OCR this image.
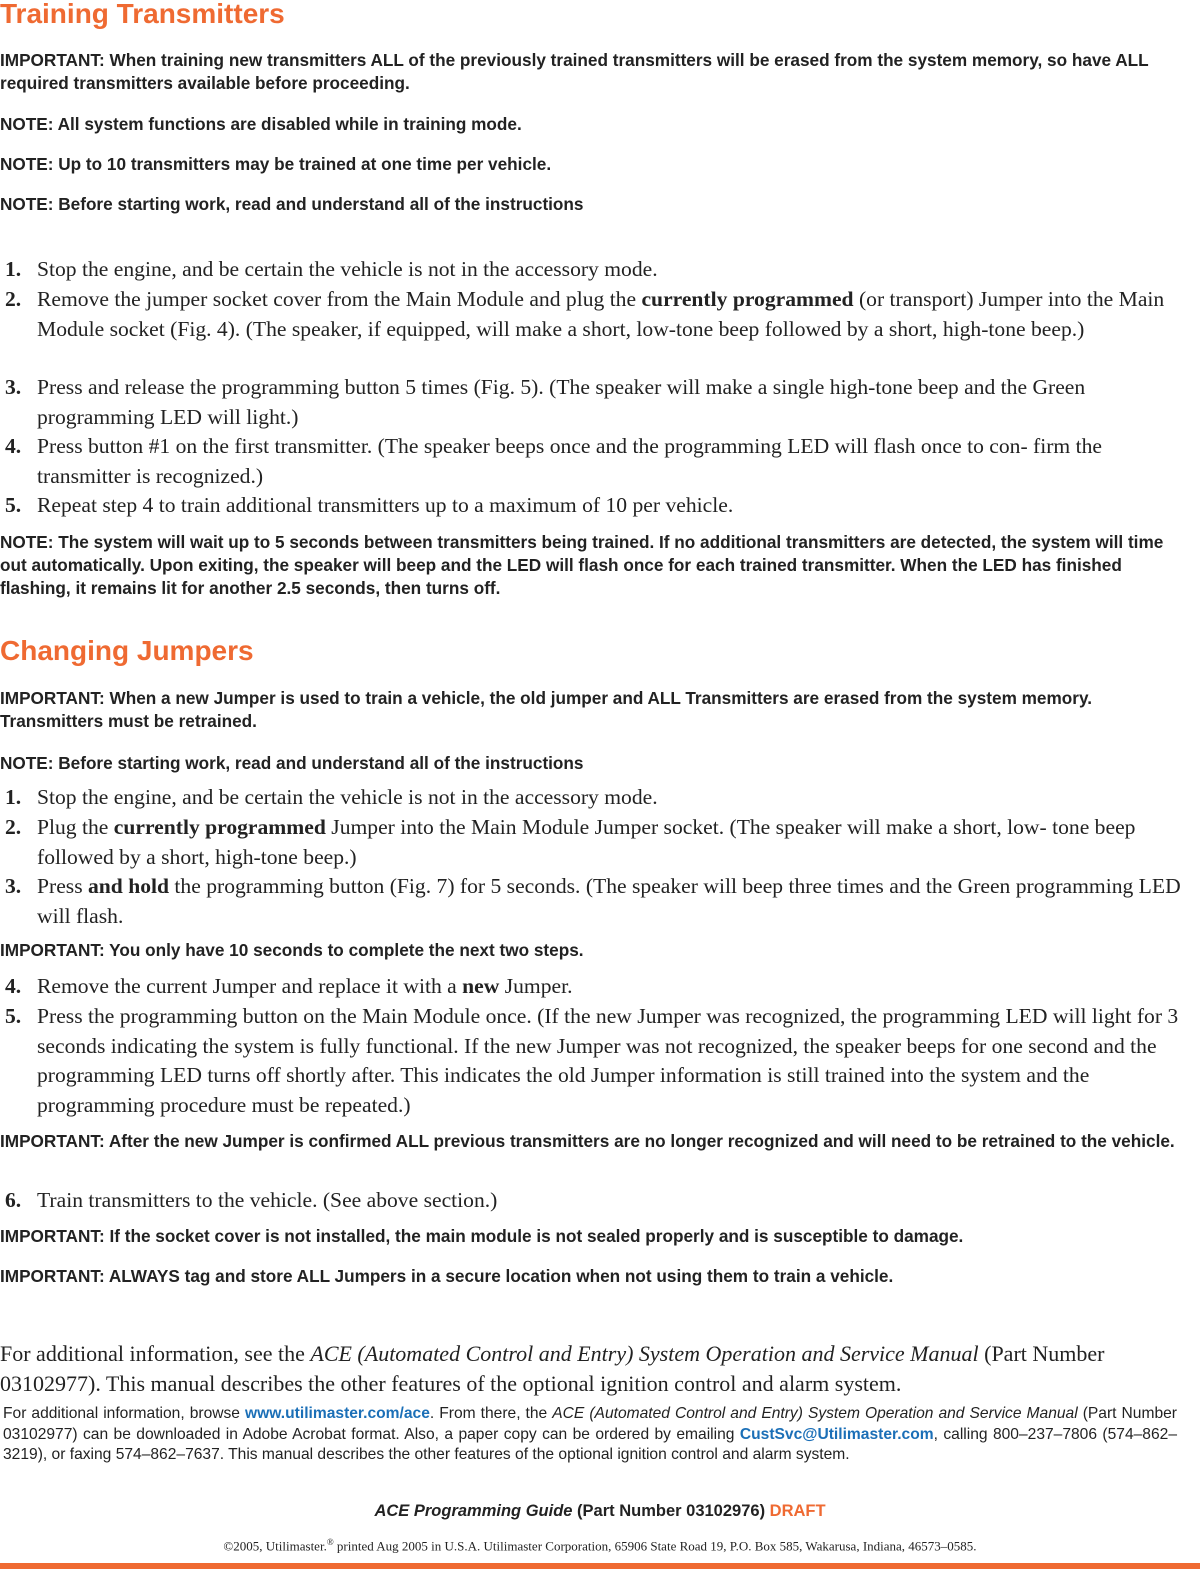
Training Transmitters

IMPORTANT: When training new transmitters ALL of the previously trained transmitters will be erased from the system memory, so have ALL required transmitters available before proceeding.

NOTE: All system functions are disabled while in training mode.

NOTE: Up to 10 transmitters may be trained at one time per vehicle.

NOTE: Before starting work, read and understand all of the instructions

1. Stop the engine, and be certain the vehicle is not in the accessory mode.
2. Remove the jumper socket cover from the Main Module and plug the currently programmed (or transport) Jumper into the Main Module socket (Fig. 4). (The speaker, if equipped, will make a short, low-tone beep followed by a short, high-tone beep.)
3. Press and release the programming button 5 times (Fig. 5). (The speaker will make a single high-tone beep and the Green programming LED will light.)
4. Press button #1 on the first transmitter. (The speaker beeps once and the programming LED will flash once to con- firm the transmitter is recognized.)
5. Repeat step 4 to train additional transmitters up to a maximum of 10 per vehicle.

NOTE: The system will wait up to 5 seconds between transmitters being trained. If no additional transmitters are detected, the system will time out automatically. Upon exiting, the speaker will beep and the LED will flash once for each trained transmitter. When the LED has finished flashing, it remains lit for another 2.5 seconds, then turns off.

Changing Jumpers

IMPORTANT: When a new Jumper is used to train a vehicle, the old jumper and ALL Transmitters are erased from the system memory. Transmitters must be retrained.

NOTE: Before starting work, read and understand all of the instructions

1. Stop the engine, and be certain the vehicle is not in the accessory mode.
2. Plug the currently programmed Jumper into the Main Module Jumper socket. (The speaker will make a short, low- tone beep followed by a short, high-tone beep.)
3. Press and hold the programming button (Fig. 7) for 5 seconds. (The speaker will beep three times and the Green programming LED will flash.

IMPORTANT: You only have 10 seconds to complete the next two steps.

4. Remove the current Jumper and replace it with a new Jumper.
5. Press the programming button on the Main Module once. (If the new Jumper was recognized, the programming LED will light for 3 seconds indicating the system is fully functional. If the new Jumper was not recognized, the speaker beeps for one second and the programming LED turns off shortly after. This indicates the old Jumper information is still trained into the system and the programming procedure must be repeated.)

IMPORTANT: After the new Jumper is confirmed ALL previous transmitters are no longer recognized and will need to be retrained to the vehicle.

6. Train transmitters to the vehicle. (See above section.)

IMPORTANT: If the socket cover is not installed, the main module is not sealed properly and is susceptible to damage.

IMPORTANT: ALWAYS tag and store ALL Jumpers in a secure location when not using them to train a vehicle.

For additional information, see the ACE (Automated Control and Entry) System Operation and Service Manual (Part Number 03102977). This manual describes the other features of the optional ignition control and alarm system.

For additional information, browse www.utilimaster.com/ace. From there, the ACE (Automated Control and Entry) System Operation and Service Manual (Part Number 03102977) can be downloaded in Adobe Acrobat format. Also, a paper copy can be ordered by emailing CustSvc@Utilimaster.com, calling 800–237–7806 (574–862–3219), or faxing 574–862–7637. This manual describes the other features of the optional ignition control and alarm system.

ACE Programming Guide (Part Number 03102976) DRAFT

©2005, Utilimaster.® printed Aug 2005 in U.S.A. Utilimaster Corporation, 65906 State Road 19, P.O. Box 585, Wakarusa, Indiana, 46573–0585.
